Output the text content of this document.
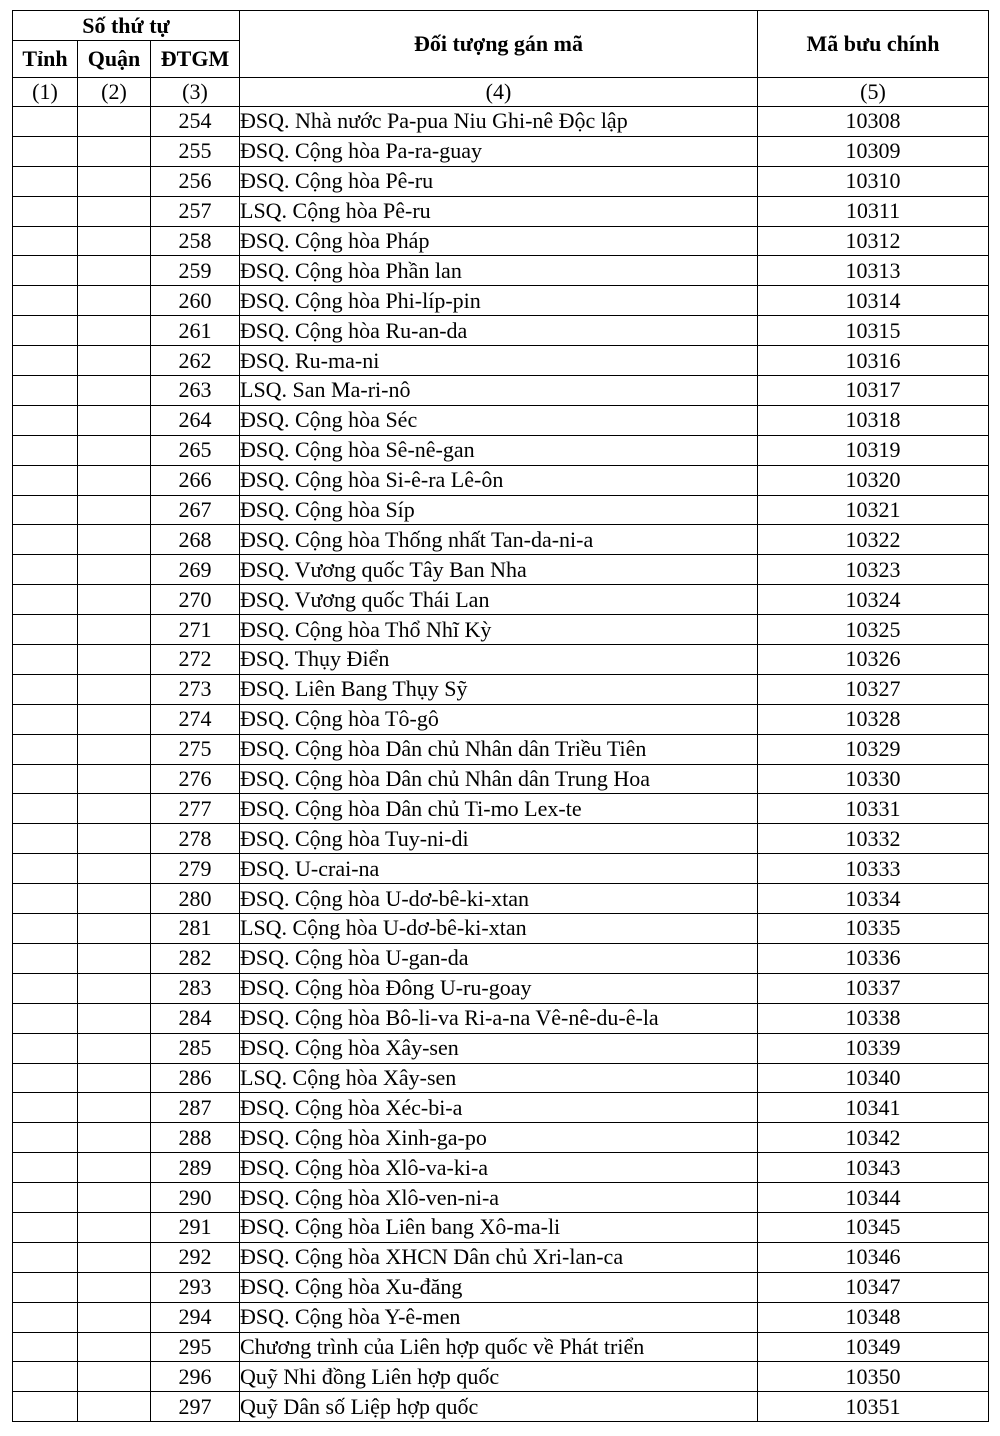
Số thứ tự			Đối tượng gán mã	Mã bưu chính
Tỉnh	Quận	ĐTGM		
(1)	(2)	(3)	(4)	(5)
		254	ĐSQ. Nhà nước Pa-pua Niu Ghi-nê Độc lập	10308
		255	ĐSQ. Cộng hòa Pa-ra-guay	10309
		256	ĐSQ. Cộng hòa Pê-ru	10310
		257	LSQ. Cộng hòa Pê-ru	10311
		258	ĐSQ. Cộng hòa Pháp	10312
		259	ĐSQ. Cộng hòa Phần lan	10313
		260	ĐSQ. Cộng hòa Phi-líp-pin	10314
		261	ĐSQ. Cộng hòa Ru-an-da	10315
		262	ĐSQ. Ru-ma-ni	10316
		263	LSQ. San Ma-ri-nô	10317
		264	ĐSQ. Cộng hòa Séc	10318
		265	ĐSQ. Cộng hòa Sê-nê-gan	10319
		266	ĐSQ. Cộng hòa Si-ê-ra Lê-ôn	10320
		267	ĐSQ. Cộng hòa Síp	10321
		268	ĐSQ. Cộng hòa Thống nhất Tan-da-ni-a	10322
		269	ĐSQ. Vương quốc Tây Ban Nha	10323
		270	ĐSQ. Vương quốc Thái Lan	10324
		271	ĐSQ. Cộng hòa Thổ Nhĩ Kỳ	10325
		272	ĐSQ. Thụy Điển	10326
		273	ĐSQ. Liên Bang Thụy Sỹ	10327
		274	ĐSQ. Cộng hòa Tô-gô	10328
		275	ĐSQ. Cộng hòa Dân chủ Nhân dân Triều Tiên	10329
		276	ĐSQ. Cộng hòa Dân chủ Nhân dân Trung Hoa	10330
		277	ĐSQ. Cộng hòa Dân chủ Ti-mo Lex-te	10331
		278	ĐSQ. Cộng hòa Tuy-ni-di	10332
		279	ĐSQ. U-crai-na	10333
		280	ĐSQ. Cộng hòa U-dơ-bê-ki-xtan	10334
		281	LSQ. Cộng hòa U-dơ-bê-ki-xtan	10335
		282	ĐSQ. Cộng hòa U-gan-da	10336
		283	ĐSQ. Cộng hòa Đông U-ru-goay	10337
		284	ĐSQ. Cộng hòa Bô-li-va Ri-a-na Vê-nê-du-ê-la	10338
		285	ĐSQ. Cộng hòa Xây-sen	10339
		286	LSQ. Cộng hòa Xây-sen	10340
		287	ĐSQ. Cộng hòa Xéc-bi-a	10341
		288	ĐSQ. Cộng hòa Xinh-ga-po	10342
		289	ĐSQ. Cộng hòa Xlô-va-ki-a	10343
		290	ĐSQ. Cộng hòa Xlô-ven-ni-a	10344
		291	ĐSQ. Cộng hòa Liên bang Xô-ma-li	10345
		292	ĐSQ. Cộng hòa XHCN Dân chủ Xri-lan-ca	10346
		293	ĐSQ. Cộng hòa Xu-đăng	10347
		294	ĐSQ. Cộng hòa Y-ê-men	10348
		295	Chương trình của Liên hợp quốc về Phát triển	10349
		296	Quỹ Nhi đồng Liên hợp quốc	10350
		297	Quỹ Dân số Liệp hợp quốc	10351
